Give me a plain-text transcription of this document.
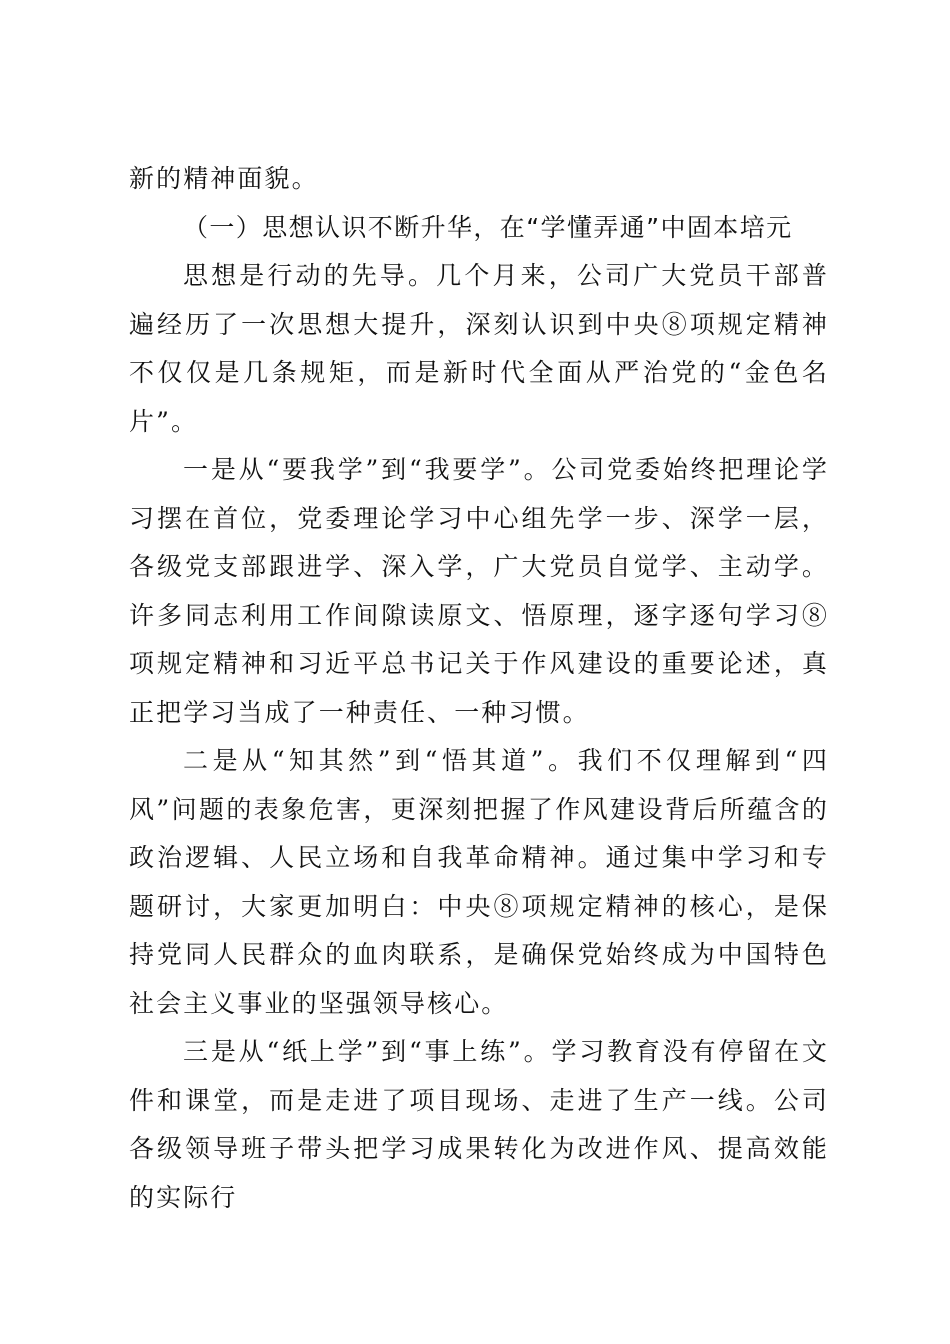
新的精神面貌。

（一）思想认识不断升华，在“学懂弄通”中固本培元

思想是行动的先导。几个月来，公司广大党员干部普遍经历了一次思想大提升，深刻认识到中央⑧项规定精神不仅仅是几条规矩，而是新时代全面从严治党的“金色名片”。

一是从“要我学”到“我要学”。公司党委始终把理论学习摆在首位，党委理论学习中心组先学一步、深学一层，各级党支部跟进学、深入学，广大党员自觉学、主动学。许多同志利用工作间隙读原文、悟原理，逐字逐句学习⑧项规定精神和习近平总书记关于作风建设的重要论述，真正把学习当成了一种责任、一种习惯。

二是从“知其然”到“悟其道”。我们不仅理解到“四风”问题的表象危害，更深刻把握了作风建设背后所蕴含的政治逻辑、人民立场和自我革命精神。通过集中学习和专题研讨，大家更加明白：中央⑧项规定精神的核心，是保持党同人民群众的血肉联系，是确保党始终成为中国特色社会主义事业的坚强领导核心。

三是从“纸上学”到“事上练”。学习教育没有停留在文件和课堂，而是走进了项目现场、走进了生产一线。公司各级领导班子带头把学习成果转化为改进作风、提高效能的实际行
